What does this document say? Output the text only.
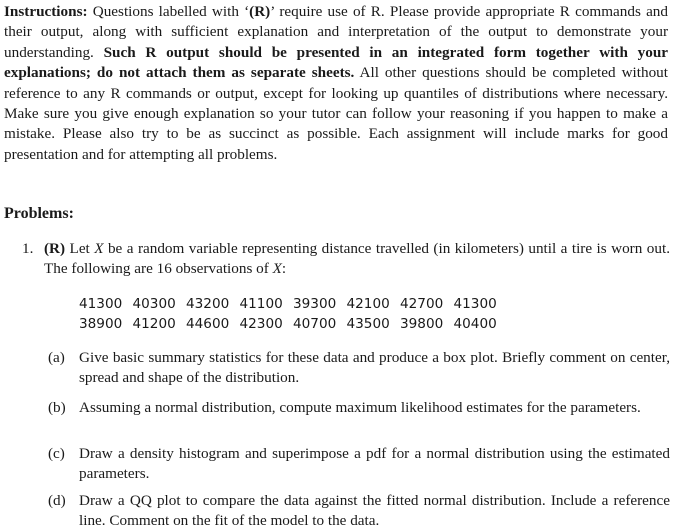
Instructions: Questions labelled with ‘(R)’ require use of R. Please provide appropriate R commands and their output, along with sufficient explanation and interpretation of the output to demonstrate your understanding. Such R output should be presented in an integrated form together with your explanations; do not attach them as separate sheets. All other questions should be completed without reference to any R commands or output, except for looking up quantiles of distributions where necessary. Make sure you give enough explanation so your tutor can follow your reasoning if you happen to make a mistake. Please also try to be as succinct as possible. Each assignment will include marks for good presentation and for attempting all problems.
Problems:
1. (R) Let X be a random variable representing distance travelled (in kilometers) until a tire is worn out. The following are 16 observations of X:
41300 40300 43200 41100 39300 42100 42700 41300
38900 41200 44600 42300 40700 43500 39800 40400
(a) Give basic summary statistics for these data and produce a box plot. Briefly comment on center, spread and shape of the distribution.
(b) Assuming a normal distribution, compute maximum likelihood estimates for the parameters.
(c) Draw a density histogram and superimpose a pdf for a normal distribution using the estimated parameters.
(d) Draw a QQ plot to compare the data against the fitted normal distribution. Include a reference line. Comment on the fit of the model to the data.
